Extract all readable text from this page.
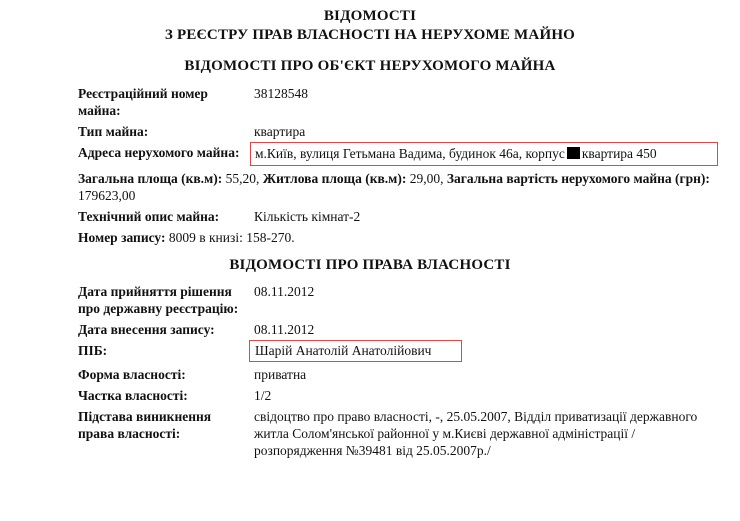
ВІДОМОСТІ
З РЕЄСТРУ ПРАВ ВЛАСНОСТІ НА НЕРУХОМЕ МАЙНО
ВІДОМОСТІ ПРО ОБ'ЄКТ НЕРУХОМОГО МАЙНА
Реєстраційний номер майна:
38128548
Тип майна:	квартира
Адреса нерухомого майна:	м.Київ, вулиця Гетьмана Вадима, будинок 46а, корпус квартира 450
Загальна площа (кв.м): 55,20, Житлова площа (кв.м): 29,00, Загальна вартість нерухомого майна (грн): 179623,00
Технічний опис майна:	Кількість кімнат-2
Номер запису: 8009 в книзі: 158-270.
ВІДОМОСТІ ПРО ПРАВА ВЛАСНОСТІ
Дата прийняття рішення про державну реєстрацію:
08.11.2012
Дата внесення запису:	08.11.2012
ПІБ:	Шарій Анатолій Анатолійович
Форма власності:	приватна
Частка власності:	1/2
Підстава виникнення права власності:
свідоцтво про право власності, -, 25.05.2007, Відділ приватизації державного житла Солом'янської районної у м.Києві державної адміністрації /розпорядження №39481 від 25.05.2007р./
